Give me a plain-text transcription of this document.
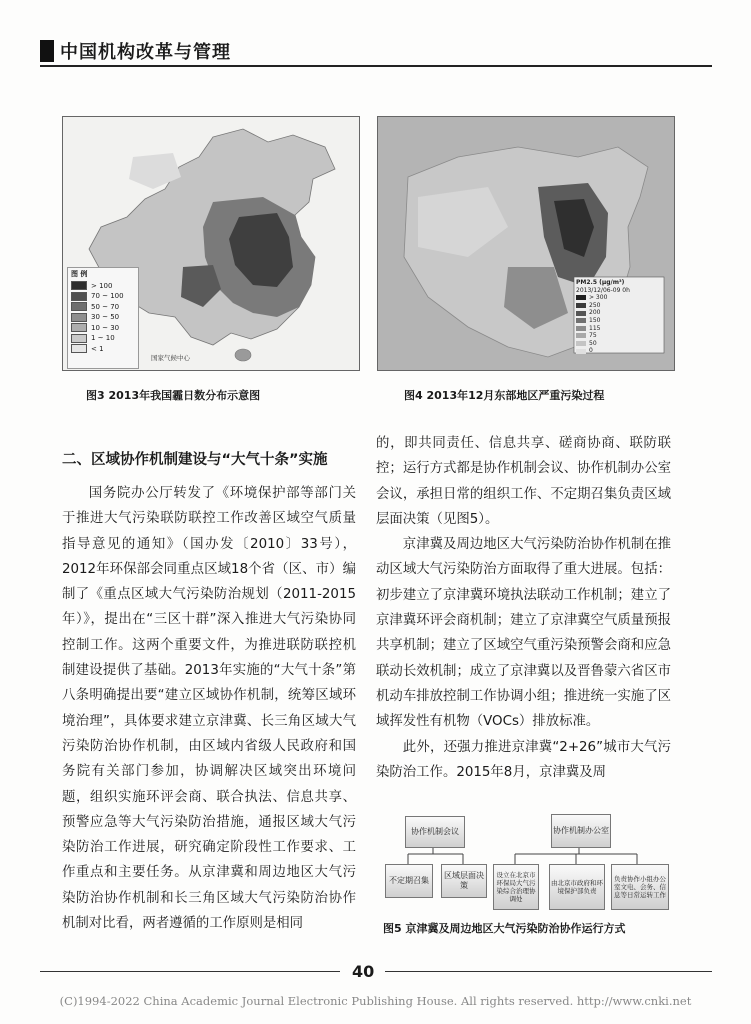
中国机构改革与管理
图 例
> 100
70 ~ 100
50 ~ 70
30 ~ 50
10 ~ 30
1 ~ 10
< 1
国家气候中心
图3 2013年我国霾日数分布示意图
PM2.5 (μg/m³)
2013/12/06-09 0h
> 300
250
200
150
115
75
50
0
图4 2013年12月东部地区严重污染过程
二、区域协作机制建设与“大气十条”实施

国务院办公厅转发了《环境保护部等部门关于推进大气污染联防联控工作改善区域空气质量指导意见的通知》（国办发〔2010〕33号），2012年环保部会同重点区域18个省（区、市）编制了《重点区域大气污染防治规划（2011-2015年）》，提出在“三区十群”深入推进大气污染协同控制工作。这两个重要文件，为推进联防联控机制建设提供了基础。2013年实施的“大气十条”第八条明确提出要“建立区域协作机制，统筹区域环境治理”，具体要求建立京津冀、长三角区域大气污染防治协作机制，由区域内省级人民政府和国务院有关部门参加，协调解决区域突出环境问题，组织实施环评会商、联合执法、信息共享、预警应急等大气污染防治措施，通报区域大气污染防治工作进展，研究确定阶段性工作要求、工作重点和主要任务。从京津冀和周边地区大气污染防治协作机制和长三角区域大气污染防治协作机制对比看，两者遵循的工作原则是相同

的，即共同责任、信息共享、磋商协商、联防联控；运行方式都是协作机制会议、协作机制办公室会议，承担日常的组织工作、不定期召集负责区域层面决策（见图5）。

京津冀及周边地区大气污染防治协作机制在推动区域大气污染防治方面取得了重大进展。包括：初步建立了京津冀环境执法联动工作机制；建立了京津冀环评会商机制；建立了京津冀空气质量预报共享机制；建立了区域空气重污染预警会商和应急联动长效机制；成立了京津冀以及晋鲁蒙六省区市机动车排放控制工作协调小组；推进统一实施了区域挥发性有机物（VOCs）排放标准。

此外，还强力推进京津冀“2+26”城市大气污染防治工作。2015年8月，京津冀及周

协作机制会议	协作机制办公室
不定期召集
区域层面决策
设立在北京市环保局大气污染综合治理协调处
由北京市政府和环境保护部负责
负责协作小组办公室文电、会务、信息等日常运转工作
图5 京津冀及周边地区大气污染防治协作运行方式
40
(C)1994-2022 China Academic Journal Electronic Publishing House. All rights reserved. http://www.cnki.net
